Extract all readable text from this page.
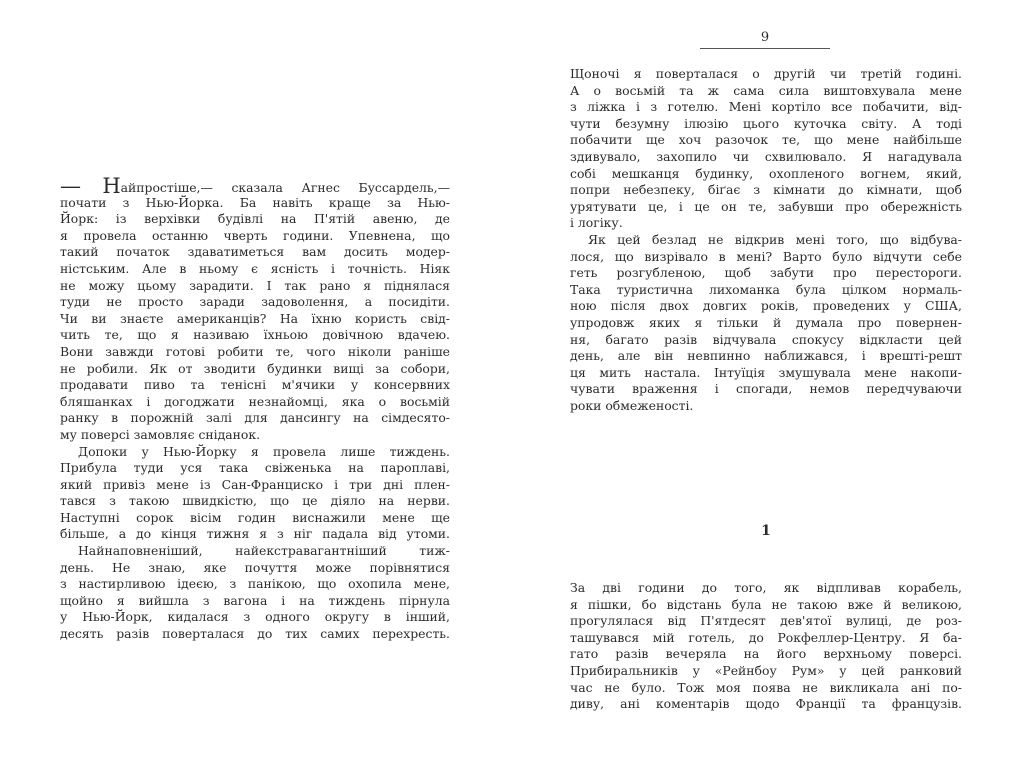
— Найпростіше,— сказала Агнес Буссардель,—
почати з Нью-Йорка. Ба навіть краще за Нью-
Йорк: із верхівки будівлі на П'ятій авеню, де
я провела останню чверть години. Упевнена, що
такий початок здаватиметься вам досить модер-
ністським. Але в ньому є ясність і точність. Ніяк
не можу цьому зарадити. І так рано я піднялася
туди не просто заради задоволення, а посидіти.
Чи ви знаєте американців? На їхню користь свід-
чить те, що я називаю їхньою довічною вдачею.
Вони завжди готові робити те, чого ніколи раніше
не робили. Як от зводити будинки вищі за собори,
продавати пиво та тенісні м'ячики у консервних
бляшанках і догоджати незнайомці, яка о восьмій
ранку в порожній залі для дансингу на сімдесято-
му поверсі замовляє сніданок.
Допоки у Нью-Йорку я провела лише тиждень.
Прибула туди уся така свіженька на пароплаві,
який привіз мене із Сан-Франциско і три дні плен-
тався з такою швидкістю, що це діяло на нерви.
Наступні сорок вісім годин виснажили мене ще
більше, а до кінця тижня я з ніг падала від утоми.
Найнаповненіший, найекстравагантніший тиж-
день. Не знаю, яке почуття може порівнятися
з настирливою ідеєю, з панікою, що охопила мене,
щойно я вийшла з вагона і на тиждень пірнула
у Нью-Йорк, кидалася з одного округу в інший,
десять разів поверталася до тих самих перехресть.
9
Щоночі я поверталася о другій чи третій годині.
А о восьмій та ж сама сила виштовхувала мене
з ліжка і з готелю. Мені кортіло все побачити, від-
чути безумну ілюзію цього куточка світу. А тоді
побачити ще хоч разочок те, що мене найбільше
здивувало, захопило чи схвилювало. Я нагадувала
собі мешканця будинку, охопленого вогнем, який,
попри небезпеку, біґає з кімнати до кімнати, щоб
урятувати це, і це он те, забувши про обережність
і логіку.
Як цей безлад не відкрив мені того, що відбува-
лося, що визрівало в мені? Варто було відчути себе
геть розгубленою, щоб забути про перестороги.
Така туристична лихоманка була цілком нормаль-
ною після двох довгих років, проведених у США,
упродовж яких я тільки й думала про повернен-
ня, багато разів відчувала спокусу відкласти цей
день, але він невпинно наближався, і врешті-решт
ця мить настала. Інтуїція змушувала мене накопи-
чувати враження і спогади, немов передчуваючи
роки обмеженості.
1
За дві години до того, як відпливав корабель,
я пішки, бо відстань була не такою вже й великою,
прогулялася від П'ятдесят дев'ятої вулиці, де роз-
ташувався мій готель, до Рокфеллер-Центру. Я ба-
гато разів вечеряла на його верхньому поверсі.
Прибиральників у «Рейнбоу Рум» у цей ранковий
час не було. Тож моя поява не викликала ані по-
диву, ані коментарів щодо Франції та французів.
